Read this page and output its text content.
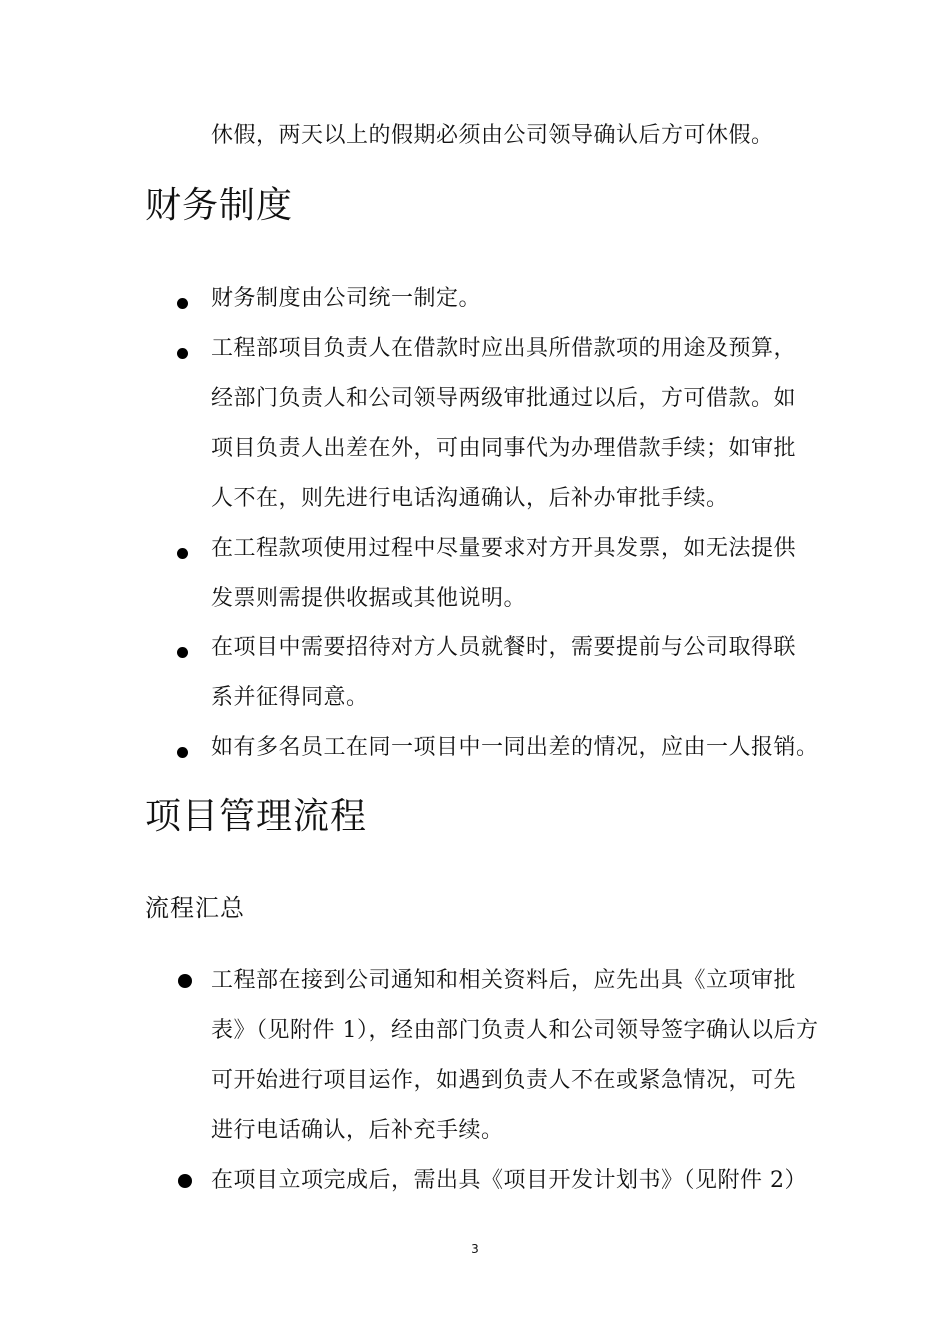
休假，两天以上的假期必须由公司领导确认后方可休假。
财务制度
财务制度由公司统一制定。
工程部项目负责人在借款时应出具所借款项的用途及预算，
经部门负责人和公司领导两级审批通过以后，方可借款。如
项目负责人出差在外，可由同事代为办理借款手续；如审批
人不在，则先进行电话沟通确认，后补办审批手续。
在工程款项使用过程中尽量要求对方开具发票，如无法提供
发票则需提供收据或其他说明。
在项目中需要招待对方人员就餐时，需要提前与公司取得联
系并征得同意。
如有多名员工在同一项目中一同出差的情况，应由一人报销。
项目管理流程
流程汇总
工程部在接到公司通知和相关资料后，应先出具《立项审批
表》（见附件 1），经由部门负责人和公司领导签字确认以后方
可开始进行项目运作，如遇到负责人不在或紧急情况，可先
进行电话确认，后补充手续。
在项目立项完成后，需出具《项目开发计划书》（见附件 2）
3
